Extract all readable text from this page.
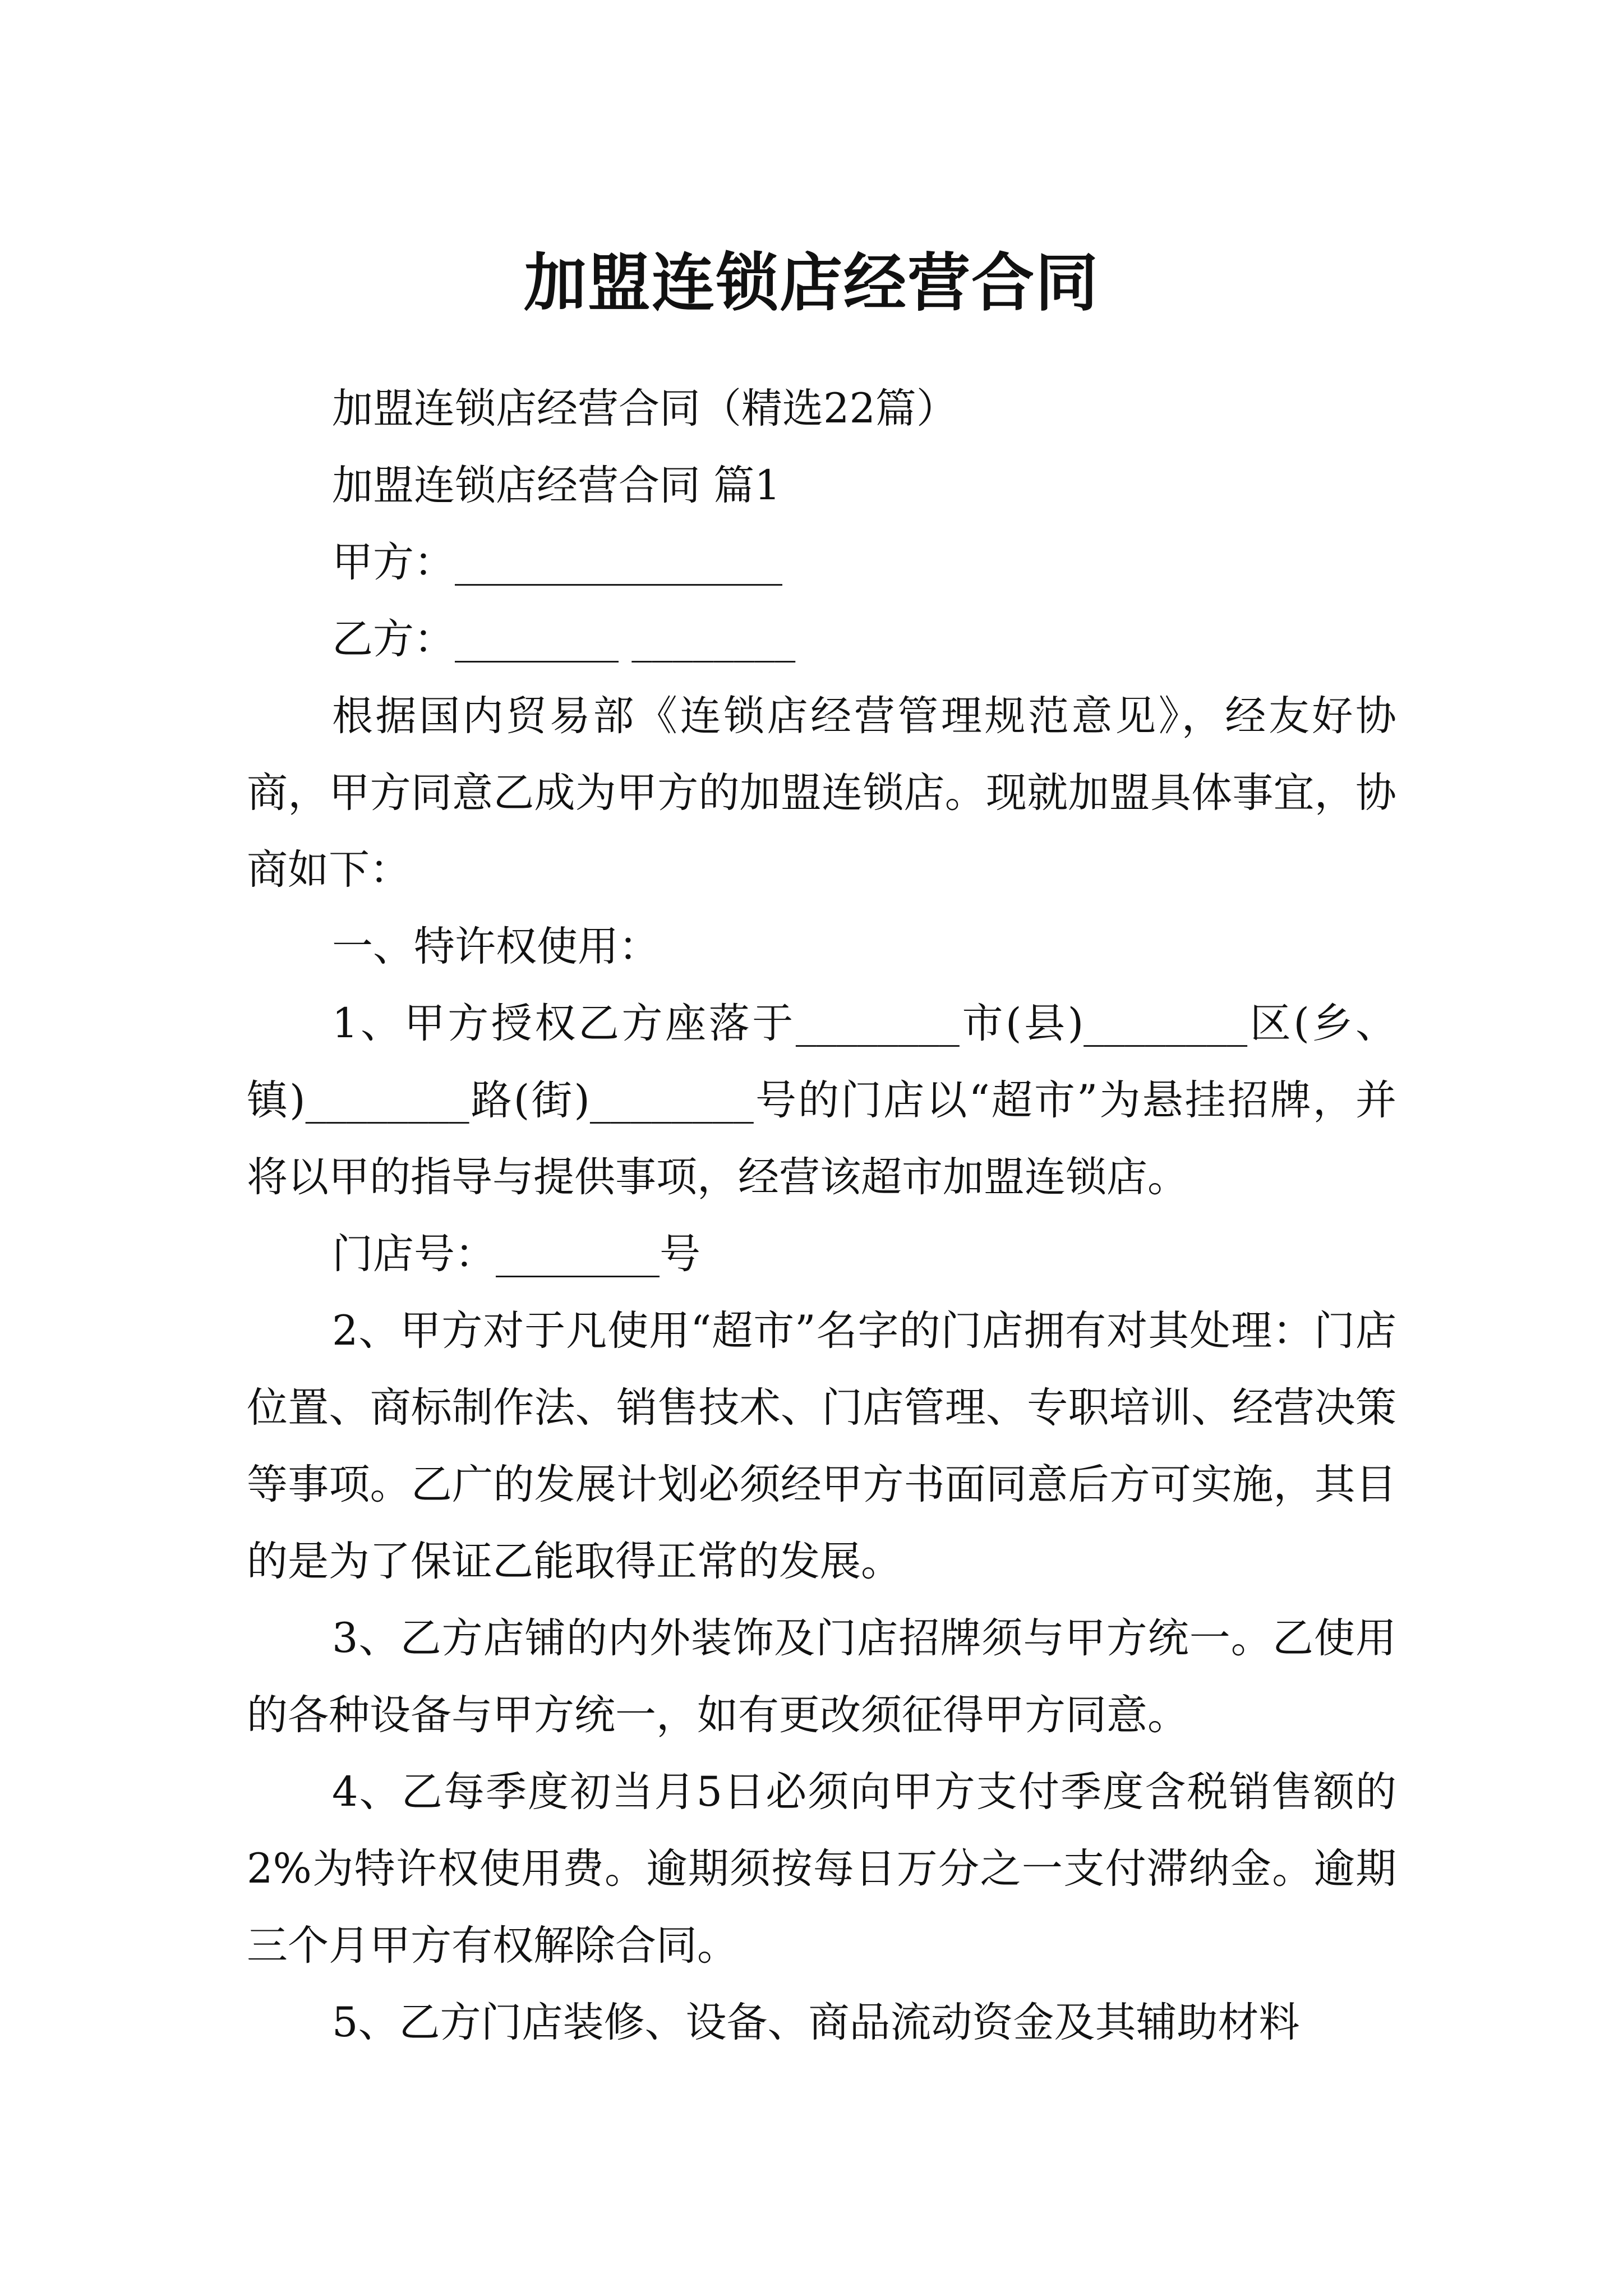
加盟连锁店经营合同

加盟连锁店经营合同（精选22篇）

加盟连锁店经营合同 篇1

甲方：________________

乙方：________ ________

根据国内贸易部《连锁店经营管理规范意见》，经友好协商，甲方同意乙成为甲方的加盟连锁店。现就加盟具体事宜，协商如下：

一、特许权使用：

1、甲方授权乙方座落于________市(县)________区(乡、镇)________路(街)________号的门店以“超市”为悬挂招牌，并将以甲的指导与提供事项，经营该超市加盟连锁店。

门店号：________号

2、甲方对于凡使用“超市”名字的门店拥有对其处理：门店位置、商标制作法、销售技术、门店管理、专职培训、经营决策等事项。乙广的发展计划必须经甲方书面同意后方可实施，其目的是为了保证乙能取得正常的发展。

3、乙方店铺的内外装饰及门店招牌须与甲方统一。乙使用的各种设备与甲方统一，如有更改须征得甲方同意。

4、乙每季度初当月5日必须向甲方支付季度含税销售额的2%为特许权使用费。逾期须按每日万分之一支付滞纳金。逾期三个月甲方有权解除合同。

5、乙方门店装修、设备、商品流动资金及其辅助材料
